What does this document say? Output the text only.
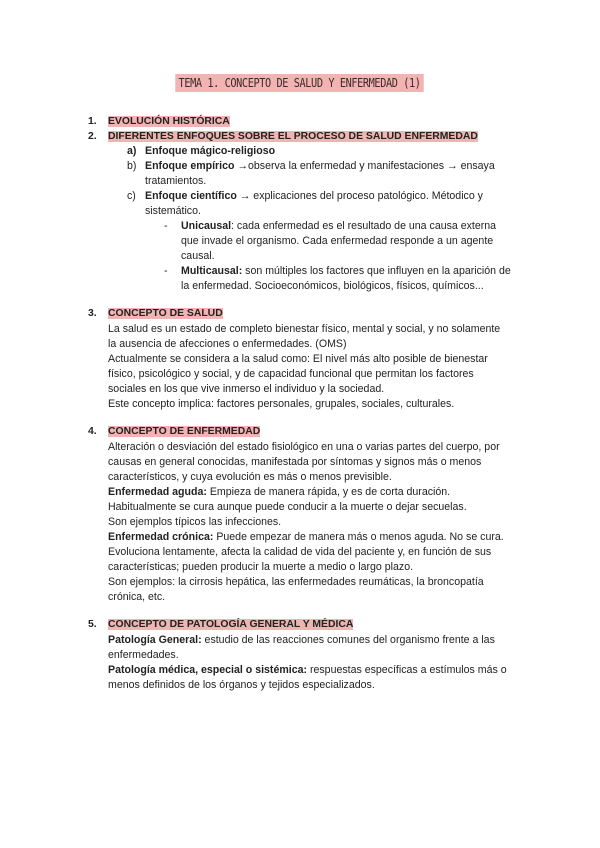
TEMA 1. CONCEPTO DE SALUD Y ENFERMEDAD (1)
1. EVOLUCIÓN HISTÓRICA
2. DIFERENTES ENFOQUES SOBRE EL PROCESO DE SALUD ENFERMEDAD
a) Enfoque mágico-religioso
b) Enfoque empírico →observa la enfermedad y manifestaciones → ensaya
tratamientos.
c) Enfoque científico → explicaciones del proceso patológico. Métodico y
sistemático.
- Unicausal: cada enfermedad es el resultado de una causa externa
que invade el organismo. Cada enfermedad responde a un agente
causal.
- Multicausal: son múltiples los factores que influyen en la aparición de
la enfermedad. Socioeconómicos, biológicos, físicos, químicos...
3. CONCEPTO DE SALUD
La salud es un estado de completo bienestar físico, mental y social, y no solamente
la ausencia de afecciones o enfermedades. (OMS)
Actualmente se considera a la salud como: El nivel más alto posible de bienestar
físico, psicológico y social, y de capacidad funcional que permitan los factores
sociales en los que vive inmerso el individuo y la sociedad.
Este concepto implica: factores personales, grupales, sociales, culturales.
4. CONCEPTO DE ENFERMEDAD
Alteración o desviación del estado fisiológico en una o varias partes del cuerpo, por
causas en general conocidas, manifestada por síntomas y signos más o menos
característicos, y cuya evolución es más o menos previsible.
Enfermedad aguda: Empieza de manera rápida, y es de corta duración.
Habitualmente se cura aunque puede conducir a la muerte o dejar secuelas.
Son ejemplos típicos las infecciones.
Enfermedad crónica: Puede empezar de manera más o menos aguda. No se cura.
Evoluciona lentamente, afecta la calidad de vida del paciente y, en función de sus
características; pueden producir la muerte a medio o largo plazo.
Son ejemplos: la cirrosis hepática, las enfermedades reumáticas, la broncopatía
crónica, etc.
5. CONCEPTO DE PATOLOGÍA GENERAL Y MÉDICA
Patología General: estudio de las reacciones comunes del organismo frente a las
enfermedades.
Patología médica, especial o sistémica: respuestas específicas a estímulos más o
menos definidos de los órganos y tejidos especializados.
